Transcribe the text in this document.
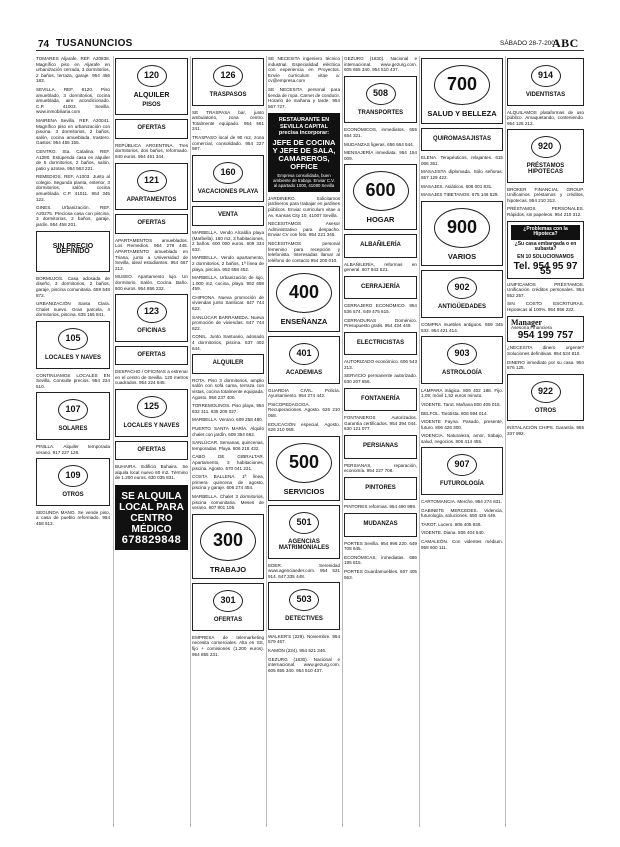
74 TUSANUNCIOS	SÁBADO 28-7-2007
ABC

TOMARES Aljarafe. REF. A20838. Magnífico piso en Aljarafe en urbanización cerrada, 3 dormitorios, 2 baños, terraza, garaje. 954 456 183.

SEVILLA. REF. 8120. Piso amueblado, 3 dormitorios, cocina amueblada, aire acondicionado. C.P. 41003. Sevilla. www.inmobiliaria.com

MAIRENA Sevilla. REF. A20041. Magnífico piso en urbanización con piscina. 3 dormitorios, 2 baños, salón, cocina amueblada, trastero. Gastos: 954 455 155.

CENTRO. Sta. Catalina. REF. A1280. Estupenda casa en alquiler de 5 dormitorios, 2 baños, salón, patio y azotea. 954 563 221.

REMEDIOS. REF. A1003. Junto al colegio. Segunda planta, exterior, 3 dormitorios, salón, cocina amueblada. C.P. 41011. 954 345 122.

GINES. Urbanización. REF. A20275. Preciosa casa con piscina, 3 dormitorios, 2 baños, garaje, jardín. 954 458 201.

SIN PRECIO DEFINIDO

BORMUJOS. Casa adosada de diseño, 3 dormitorios, 2 baños, garaje, piscina comunitaria. 659 548 872.

URBANIZACIÓN Santa Clara. Chalet nuevo. Gran parcela, 4 dormitorios, piscina. 635 165 841.

105
LOCALES Y NAVES

CONTINUAMOS LOCALES EN Sevilla. Consulte precios. 954 224 510.

107
SOLARES

PINILLA. Alquiler temporada verano. 917 227 126.

109
OTROS

SEGUNDA MANO. Se vende piso, a casa de pueblo reformado. 954 458 613.

120
ALQUILER
PISOS
OFERTAS

REPÚBLICA ARGENTINA. Tres dormitorios, dos baños, reformado. 840 euros. 954 451 344.

121
APARTAMENTOS
OFERTAS

APARTAMENTOS amueblados. Los Remedios. 954 278 445. APARTAMENTO amueblado en Triana, junto a Universidad de Sevilla, ideal estudiantes. 954 667 212.

MUSEO. Apartamento lujo. Un dormitorio. Salón. Cocina. Baño. 600 euros. 954 856 232.

123
OFICINAS
OFERTAS

DESPACHO / OFICINAS a estrenar en el centro de Sevilla. 120 metros cuadrados. 954 224 845.

125
LOCALES Y NAVES
OFERTAS

BUHAIRA. Edificio Buhaira. Se alquila local nuevo 60 m2. Término de 1.200 euros. 630 035 831.

SE ALQUILA
LOCAL PARA
CENTRO
MÉDICO
678829848
126
TRASPASOS

SE TRASPASA bar, junto ambulatorio, zona centro. Totalmente equipado. 954 561 241.

TRASPASO local de 90 m2, zona comercial, consolidado. 954 227 987.

160
VACACIONES PLAYA
VENTA

MARBELLA. Vendo Alcaldía playa (Marbella), 160 m2, 3 habitaciones, 2 baños. 600 000 euros. 609 334 632.

MARBELLA. Vendo apartamento, 2 dormitorios, 2 baños, 1ª línea de playa, piscina. 952 658 452.

MARBELLA. Urbanización de lujo, 1.000 m2, cocina, playa. 952 658 459.

CHIPIONA. Nueva promoción de viviendas junto Sanlúcar. 647 744 622.

SANLÚCAR BARRAMEDA. Nueva promoción de viviendas. 647 744 622.

CONIL. Junto Santuario, adosado 4 dormitorios, piscina. 637 402 644.

ALQUILER

ROTA. Piso 3 dormitorios, amplio salón con sofá cama, terraza con vistas, cocina totalmente equipada. Agosto. 956 237 400.

TORREMOLINOS. Piso playa, 954 632 311. 635 209 027.

MARBELLA. Verano. 609 258 480.

PUERTO SANTA MARÍA. Alquilo chalet con jardín. 609 354 662.

SANLÚCAR. Semanas, quincenas, temporadas. Playa. 606 218 432.

CABO DE GIBRALTAR. Apartamento, 3 habitaciones, piscina. Agosto. 670 041 231.

COSTA BALLENA. 1ª línea, primera quincena de agosto, piscina y garaje. 606 274 454.

MARBELLA. Chalet 3 dormitorios, piscina comunitaria. Meses de verano. 607 801 105.

300
TRABAJO
301
OFERTAS

EMPRESA de telemarketing necesita comerciales. Alta en SS, fijo + comisiones (1.200 euros). 954 855 231.

SE NECESITA ingeniero técnico industrial. Especialidad eléctrica con experiencia en Proyectos. Envíe curriculum vitae a: cv@empresa.com

SE NECESITA personal para tienda de ropa. Carnet de conducir. Horario de mañana y tarde. 954 567 727.

RESTAURANTE EN SEVILLA CAPITAL precisa incorporar:
JEFE DE COCINA Y JEFE DE SALA, CAMAREROS, OFFICE
Empresa consolidada, buen ambiente de trabajo. Enviar C.V. al apartado 1000, 41080 Sevilla

JARDINERO. Solicitamos jardineros para trabajar en jardines públicos. Enviar curriculum vitae a Av. Kansas City 10, 41007 Sevilla.

NECESITAMOS Asesor Administrativo para despacho. Enviar CV con foto. 954 221 345.

NECESITAMOS personal femenino para recepción y telefonista. Interesadas llamar al teléfono de contacto 954 200 010.

400
ENSEÑANZA
401
ACADEMIAS

GUARDIA CIVIL. Policía. Ayuntamiento. 954 274 442.

PSICOPEDAGOGA. Recuperaciones. Agosto. 626 210 058.

EDUCACIÓN especial. Agosto. 626 210 058.

500
SERVICIOS
501
AGENCIAS MATRIMONIALES

EDER. Serenidad www.agenciaeder.com. 954 531 914. 647 335 448.

503
DETECTIVES

WALKER'S (229). Noviembre. 954 579 467.

KAMÓN (224). 954 521 346.

GEZURG (1830). Nacional e internacional. www.gezurg.com. 605 655 340. 954 510 437.

GEZURG (1830). Nacional e internacional. www.gezurg.com. 605 655 340. 954 510 437.

508
TRANSPORTES

ECONÓMICOS, inmediatos. 655 654 321.

MUDANZAS ligeras. 656 664 544.

MENSAJERÍA inmediata. 954 154 009.

600
HOGAR
ALBAÑILERÍA

ALBAÑILERÍA, reformas en general. 607 843 521.

CERRAJERÍA

CERRAJERO ECONÓMICO. 954 536 574. 649 475 615.

CERRADURAS Doménico. Presupuesto gratis. 954 434 449.

ELECTRICISTAS

AUTORIZADO económico. 606 543 213.

SERVICIO permanente autorizado. 630 207 656.

FONTANERÍA

FONTANEROS Autorizados. Garantía certificados. 954 394 044. 630 121 077.

PERSIANAS

PERSIANAS, reparación, economía. 954 227 708.

PINTORES

PINTORES reformas. 954 490 989.

MUDANZAS

PORTES Sevilla. 954 996 220. 649 708 645.

ECONÓMICAS, inmediatas. 686 195 815.

PORTES Guardamuebles. 607 405 553.

700
SALUD Y BELLEZA
QUIROMASAJISTAS

ELENA. Terapéuticos, relajantes. 615 066 361.

MASAJISTA diplomada. Sólo señoras. 657 129 422.

MASAJES. Asiáticos. 606 001 831.

MASAJES TIBETANOS. 675 146 529.

900
VARIOS
902
ANTIGÜEDADES

COMPRA muebles antiguos. 659 345 532. 954 421 414.

903
ASTROLOGÍA

LÁMPARA mágica. 806 402 188. Fijo. 1,09; móvil 1,52 euros minuto.

VIDENTE. Tarot. Mañana 800 405 015.

BELFOL. Tarotista. 806 594 014.

VIDENTE Fayna. Pasado, presente, futuro. 806 426 300.

VIDENCIA. Naturaleza, amor, trabajo, salud, negocios. 806 414 455.

907
FUTUROLOGÍA

CARTOMANCIA. Merche. 954 274 831.

GABINETE MERCEDES. Videncia, futurología, soluciones. 650 426 449.

TAROT. Lucero. 806 405 936.

VIDENTE. Diana. 806 404 540.

CAMALEÓN. Con videntes médium. 958 600 111.

914
VIDENTISTAS

ALQUILAMOS plataformas de uso público. Amaquetando, conteniendo. 954 125 212.

920
PRÉSTAMOS HIPOTECAS

BROKER FINANCIAL GROUP. Unificamos préstamos y créditos, hipotecas. 954 210 312.

PRÉSTAMOS PERSONALES. Rápidos, sin papeleos. 954 210 312.

¿Problemas con la Hipoteca?
¿Su casa embargada o en subasta?
EN 10 SOLUCIONAMOS
Tel. 954 95 97 55

UNIFICAMOS PRÉSTAMOS. Unificación créditos personales. 954 552 257.

SIN COSTO ESCRITURAS. Hipotecas al 100%. 954 856 232.

Manager
Asesoría Financiera
954 199 757

¿NECESITA dinero urgente? Soluciones definitivas. 954 524 810.

DINERO inmediato por su casa. 954 876 125.

922
OTROS

INSTALACIÓN CHIPS. Garantía. 955 337 992.
